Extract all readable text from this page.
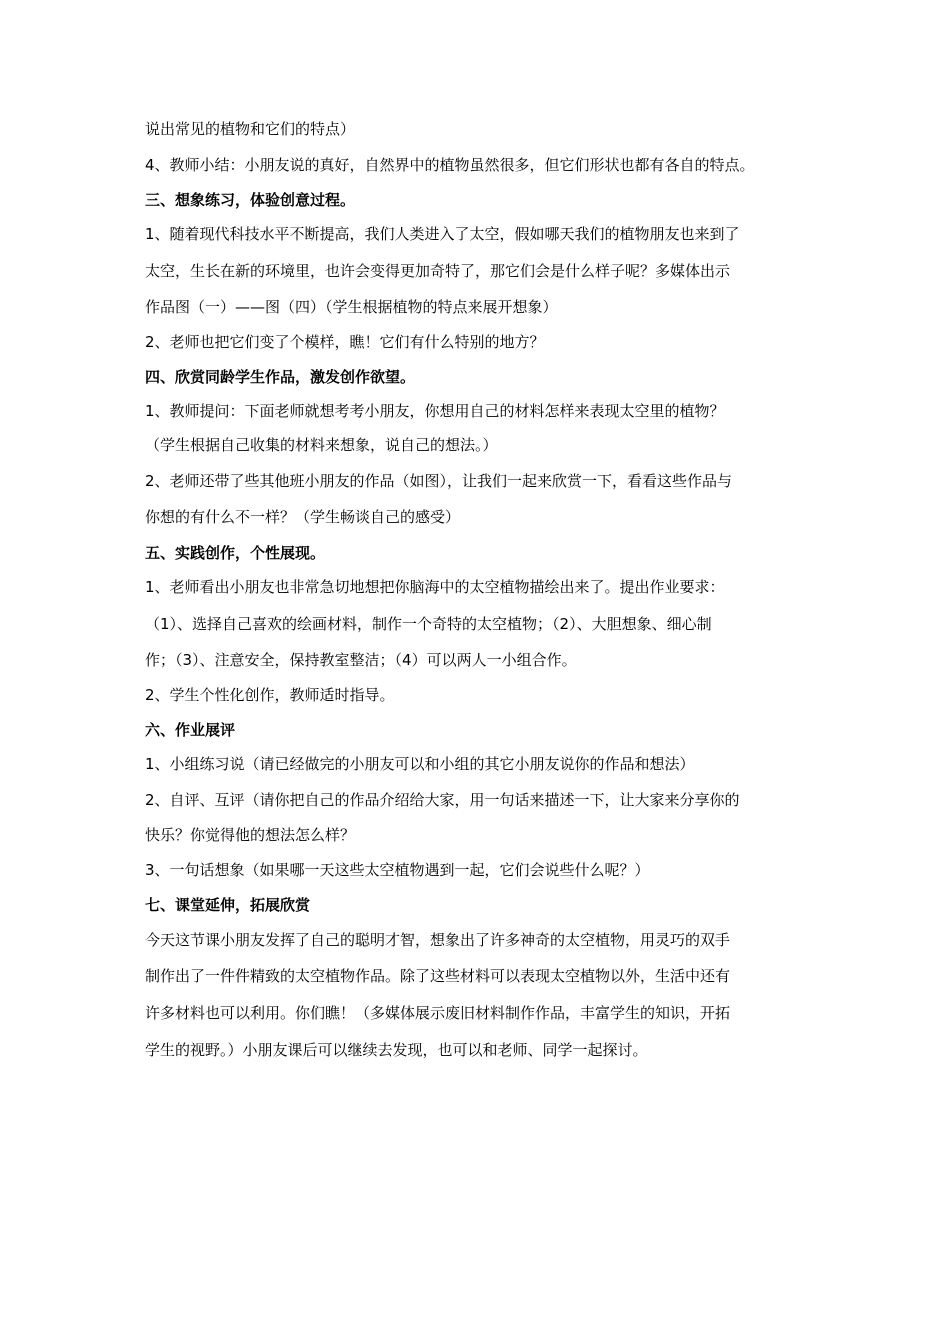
说出常见的植物和它们的特点）
4、教师小结：小朋友说的真好，自然界中的植物虽然很多，但它们形状也都有各自的特点。
三、想象练习，体验创意过程。
1、随着现代科技水平不断提高，我们人类进入了太空，假如哪天我们的植物朋友也来到了
太空，生长在新的环境里，也许会变得更加奇特了，那它们会是什么样子呢？多媒体出示
作品图（一）——图（四）（学生根据植物的特点来展开想象）
2、老师也把它们变了个模样，瞧！它们有什么特别的地方？
四、欣赏同龄学生作品，激发创作欲望。
1、教师提问：下面老师就想考考小朋友，你想用自己的材料怎样来表现太空里的植物？
（学生根据自己收集的材料来想象，说自己的想法。）
2、老师还带了些其他班小朋友的作品（如图），让我们一起来欣赏一下，看看这些作品与
你想的有什么不一样？（学生畅谈自己的感受）
五、实践创作，个性展现。
1、老师看出小朋友也非常急切地想把你脑海中的太空植物描绘出来了。提出作业要求：
（1）、选择自己喜欢的绘画材料，制作一个奇特的太空植物；（2）、大胆想象、细心制
作；（3）、注意安全，保持教室整洁；（4）可以两人一小组合作。
2、学生个性化创作，教师适时指导。
六、作业展评
1、小组练习说（请已经做完的小朋友可以和小组的其它小朋友说你的作品和想法）
2、自评、互评（请你把自己的作品介绍给大家，用一句话来描述一下，让大家来分享你的
快乐？你觉得他的想法怎么样？
3、一句话想象（如果哪一天这些太空植物遇到一起，它们会说些什么呢？）
七、课堂延伸，拓展欣赏
今天这节课小朋友发挥了自己的聪明才智，想象出了许多神奇的太空植物，用灵巧的双手
制作出了一件件精致的太空植物作品。除了这些材料可以表现太空植物以外，生活中还有
许多材料也可以利用。你们瞧！（多媒体展示废旧材料制作作品，丰富学生的知识，开拓
学生的视野。）小朋友课后可以继续去发现，也可以和老师、同学一起探讨。
